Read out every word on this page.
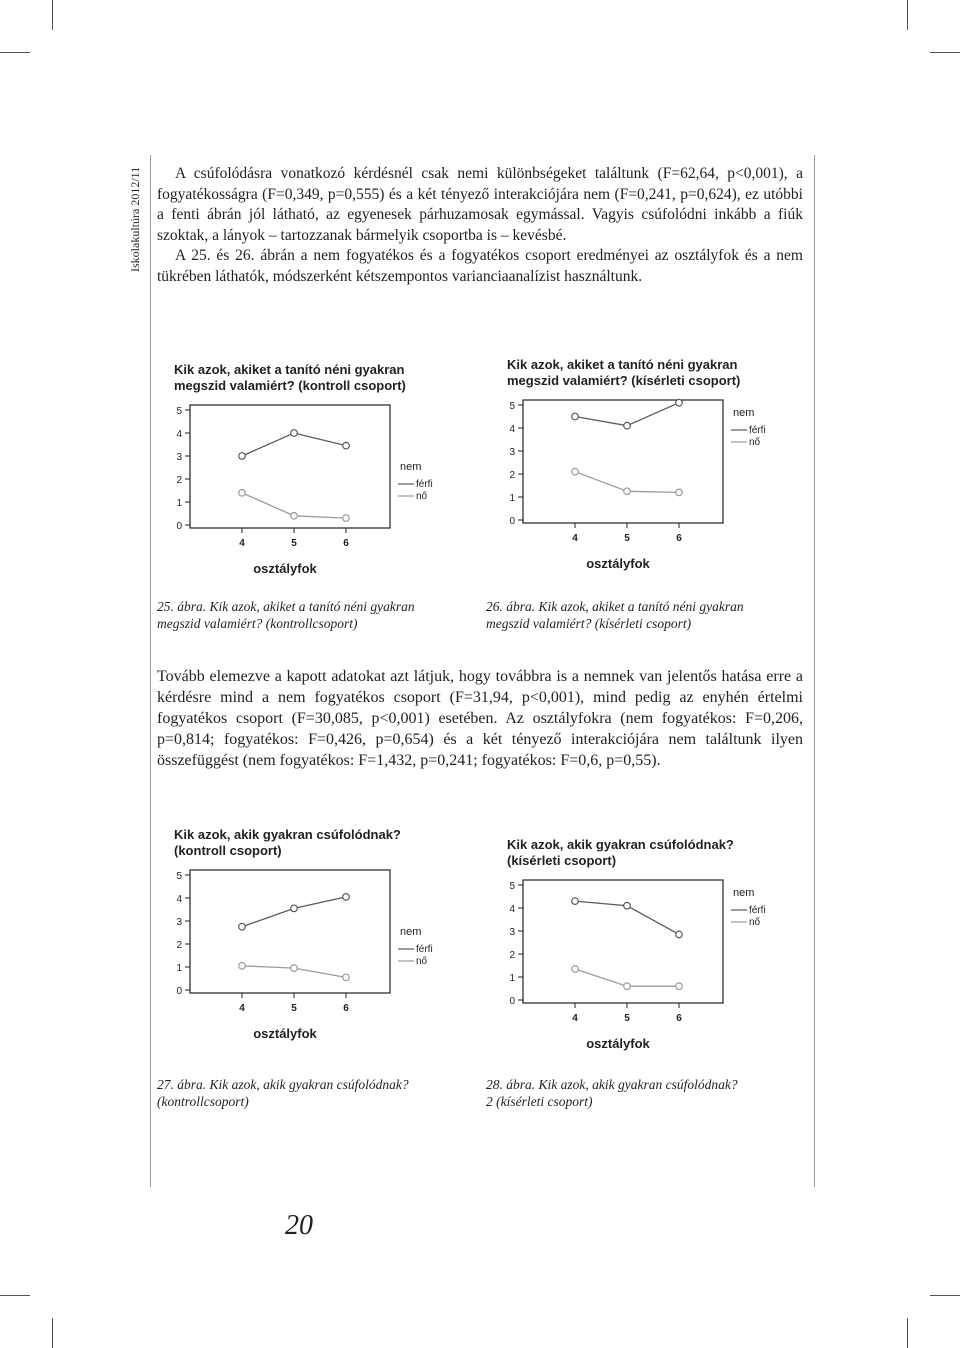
Iskolakultúra 2012/11	A csúfolódásra vonatkozó kérdésnél csak nemi különbségeket találtunk (F=62,64, p<0,001), a fogyatékosságra (F=0,349, p=0,555) és a két tényező interakciójára nem (F=0,241, p=0,624), ez utóbbi a fenti ábrán jól látható, az egyenesek párhuzamosak egymással. Vagyis csúfolódni inkább a fiúk szoktak, a lányok – tartozzanak bármelyik csoportba is – kevésbé.

A 25. és 26. ábrán a nem fogyatékos és a fogyatékos csoport eredményei az osztályfok és a nem tükrében láthatók, módszerként kétszempontos varianciaanalízist használtunk.

Kik azok, akiket a tanító néni gyakran
megszid valamiért? (kontroll csoport)
0
1
2
3
4
5
4	5	6
osztályfok
nem
férfi
nő
Kik azok, akiket a tanító néni gyakran
megszid valamiért? (kísérleti csoport)
0
1
2
3
4
5
4	5	6
osztályfok
nem
férfi
nő
25. ábra. Kik azok, akiket a tanító néni gyakran
megszid valamiért? (kontrollcsoport)
26. ábra. Kik azok, akiket a tanító néni gyakran
megszid valamiért? (kísérleti csoport)

Tovább elemezve a kapott adatokat azt látjuk, hogy továbbra is a nemnek van jelentős hatása erre a kérdésre mind a nem fogyatékos csoport (F=31,94, p<0,001), mind pedig az enyhén értelmi fogyatékos csoport (F=30,085, p<0,001) esetében. Az osztályfokra (nem fogyatékos: F=0,206, p=0,814; fogyatékos: F=0,426, p=0,654) és a két tényező interakciójára nem találtunk ilyen összefüggést (nem fogyatékos: F=1,432, p=0,241; fogyatékos: F=0,6, p=0,55).

Kik azok, akik gyakran csúfolódnak?
(kontroll csoport)
0
1
2
3
4
5
4	5	6
osztályfok
nem
férfi
nő
Kik azok, akik gyakran csúfolódnak?
(kísérleti csoport)
0
1
2
3
4
5
4	5	6
osztályfok
nem
férfi
nő
27. ábra. Kik azok, akik gyakran csúfolódnak?
(kontrollcsoport)
28. ábra. Kik azok, akik gyakran csúfolódnak?
2 (kísérleti csoport)
20
